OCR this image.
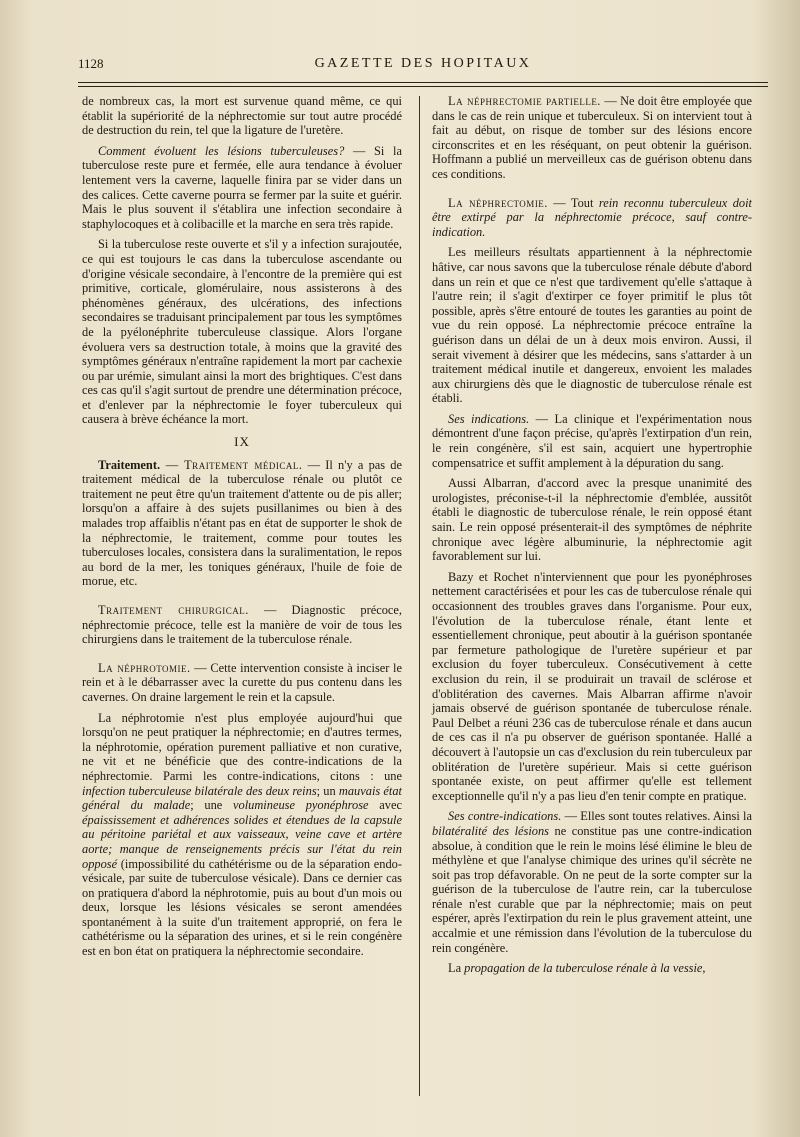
1128	GAZETTE DES HOPITAUX

de nombreux cas, la mort est survenue quand même, ce qui établit la supériorité de la néphrectomie sur tout autre procédé de destruction du rein, tel que la ligature de l'uretère.

Comment évoluent les lésions tuberculeuses? — Si la tuberculose reste pure et fermée, elle aura tendance à évoluer lentement vers la caverne, laquelle finira par se vider dans un des calices. Cette caverne pourra se fermer par la suite et guérir. Mais le plus souvent il s'établira une infection secondaire à staphylocoques et à colibacille et la marche en sera très rapide.

Si la tuberculose reste ouverte et s'il y a infection surajoutée, ce qui est toujours le cas dans la tuberculose ascendante ou d'origine vésicale secondaire, à l'encontre de la première qui est primitive, corticale, glomérulaire, nous assisterons à des phénomènes généraux, des ulcérations, des infections secondaires se traduisant principalement par tous les symptômes de la pyélonéphrite tuberculeuse classique. Alors l'organe évoluera vers sa destruction totale, à moins que la gravité des symptômes généraux n'entraîne rapidement la mort par cachexie ou par urémie, simulant ainsi la mort des brightiques. C'est dans ces cas qu'il s'agit surtout de prendre une détermination précoce, et d'enlever par la néphrectomie le foyer tuberculeux qui causera à brève échéance la mort.

IX

Traitement. — Traitement médical. — Il n'y a pas de traitement médical de la tuberculose rénale ou plutôt ce traitement ne peut être qu'un traitement d'attente ou de pis aller; lorsqu'on a affaire à des sujets pusillanimes ou bien à des malades trop affaiblis n'étant pas en état de supporter le shok de la néphrectomie, le traitement, comme pour toutes les tuberculoses locales, consistera dans la suralimentation, le repos au bord de la mer, les toniques généraux, l'huile de foie de morue, etc.

Traitement chirurgical. — Diagnostic précoce, néphrectomie précoce, telle est la manière de voir de tous les chirurgiens dans le traitement de la tuberculose rénale.

La néphrotomie. — Cette intervention consiste à inciser le rein et à le débarrasser avec la curette du pus contenu dans les cavernes. On draine largement le rein et la capsule.

La néphrotomie n'est plus employée aujourd'hui que lorsqu'on ne peut pratiquer la néphrectomie; en d'autres termes, la néphrotomie, opération purement palliative et non curative, ne vit et ne bénéficie que des contre-indications de la néphrectomie. Parmi les contre-indications, citons : une infection tuberculeuse bilatérale des deux reins; un mauvais état général du malade; une volumineuse pyonéphrose avec épaississement et adhérences solides et étendues de la capsule au péritoine pariétal et aux vaisseaux, veine cave et artère aorte; manque de renseignements précis sur l'état du rein opposé (impossibilité du cathétérisme ou de la séparation endo-vésicale, par suite de tuberculose vésicale). Dans ce dernier cas on pratiquera d'abord la néphrotomie, puis au bout d'un mois ou deux, lorsque les lésions vésicales se seront amendées spontanément à la suite d'un traitement approprié, on fera le cathétérisme ou la séparation des urines, et si le rein congénère est en bon état on pratiquera la néphrectomie secondaire.

La néphrectomie partielle. — Ne doit être employée que dans le cas de rein unique et tuberculeux. Si on intervient tout à fait au début, on risque de tomber sur des lésions encore circonscrites et en les réséquant, on peut obtenir la guérison. Hoffmann a publié un merveilleux cas de guérison obtenu dans ces conditions.

La néphrectomie. — Tout rein reconnu tuberculeux doit être extirpé par la néphrectomie précoce, sauf contre-indication.

Les meilleurs résultats appartiennent à la néphrectomie hâtive, car nous savons que la tuberculose rénale débute d'abord dans un rein et que ce n'est que tardivement qu'elle s'attaque à l'autre rein; il s'agit d'extirper ce foyer primitif le plus tôt possible, après s'être entouré de toutes les garanties au point de vue du rein opposé. La néphrectomie précoce entraîne la guérison dans un délai de un à deux mois environ. Aussi, il serait vivement à désirer que les médecins, sans s'attarder à un traitement médical inutile et dangereux, envoient les malades aux chirurgiens dès que le diagnostic de tuberculose rénale est établi.

Ses indications. — La clinique et l'expérimentation nous démontrent d'une façon précise, qu'après l'extirpation d'un rein, le rein congénère, s'il est sain, acquiert une hypertrophie compensatrice et suffit amplement à la dépuration du sang.

Aussi Albarran, d'accord avec la presque unanimité des urologistes, préconise-t-il la néphrectomie d'emblée, aussitôt établi le diagnostic de tuberculose rénale, le rein opposé étant sain. Le rein opposé présenterait-il des symptômes de néphrite chronique avec légère albuminurie, la néphrectomie agit favorablement sur lui.

Bazy et Rochet n'interviennent que pour les pyonéphroses nettement caractérisées et pour les cas de tuberculose rénale qui occasionnent des troubles graves dans l'organisme. Pour eux, l'évolution de la tuberculose rénale, étant lente et essentiellement chronique, peut aboutir à la guérison spontanée par fermeture pathologique de l'uretère supérieur et par exclusion du foyer tuberculeux. Consécutivement à cette exclusion du rein, il se produirait un travail de sclérose et d'oblitération des cavernes. Mais Albarran affirme n'avoir jamais observé de guérison spontanée de tuberculose rénale. Paul Delbet a réuni 236 cas de tuberculose rénale et dans aucun de ces cas il n'a pu observer de guérison spontanée. Hallé a découvert à l'autopsie un cas d'exclusion du rein tuberculeux par oblitération de l'uretère supérieur. Mais si cette guérison spontanée existe, on peut affirmer qu'elle est tellement exceptionnelle qu'il n'y a pas lieu d'en tenir compte en pratique.

Ses contre-indications. — Elles sont toutes relatives. Ainsi la bilatéralité des lésions ne constitue pas une contre-indication absolue, à condition que le rein le moins lésé élimine le bleu de méthylène et que l'analyse chimique des urines qu'il sécrète ne soit pas trop défavorable. On ne peut de la sorte compter sur la guérison de la tuberculose de l'autre rein, car la tuberculose rénale n'est curable que par la néphrectomie; mais on peut espérer, après l'extirpation du rein le plus gravement atteint, une accalmie et une rémission dans l'évolution de la tuberculose du rein congénère.

La propagation de la tuberculose rénale à la vessie,
